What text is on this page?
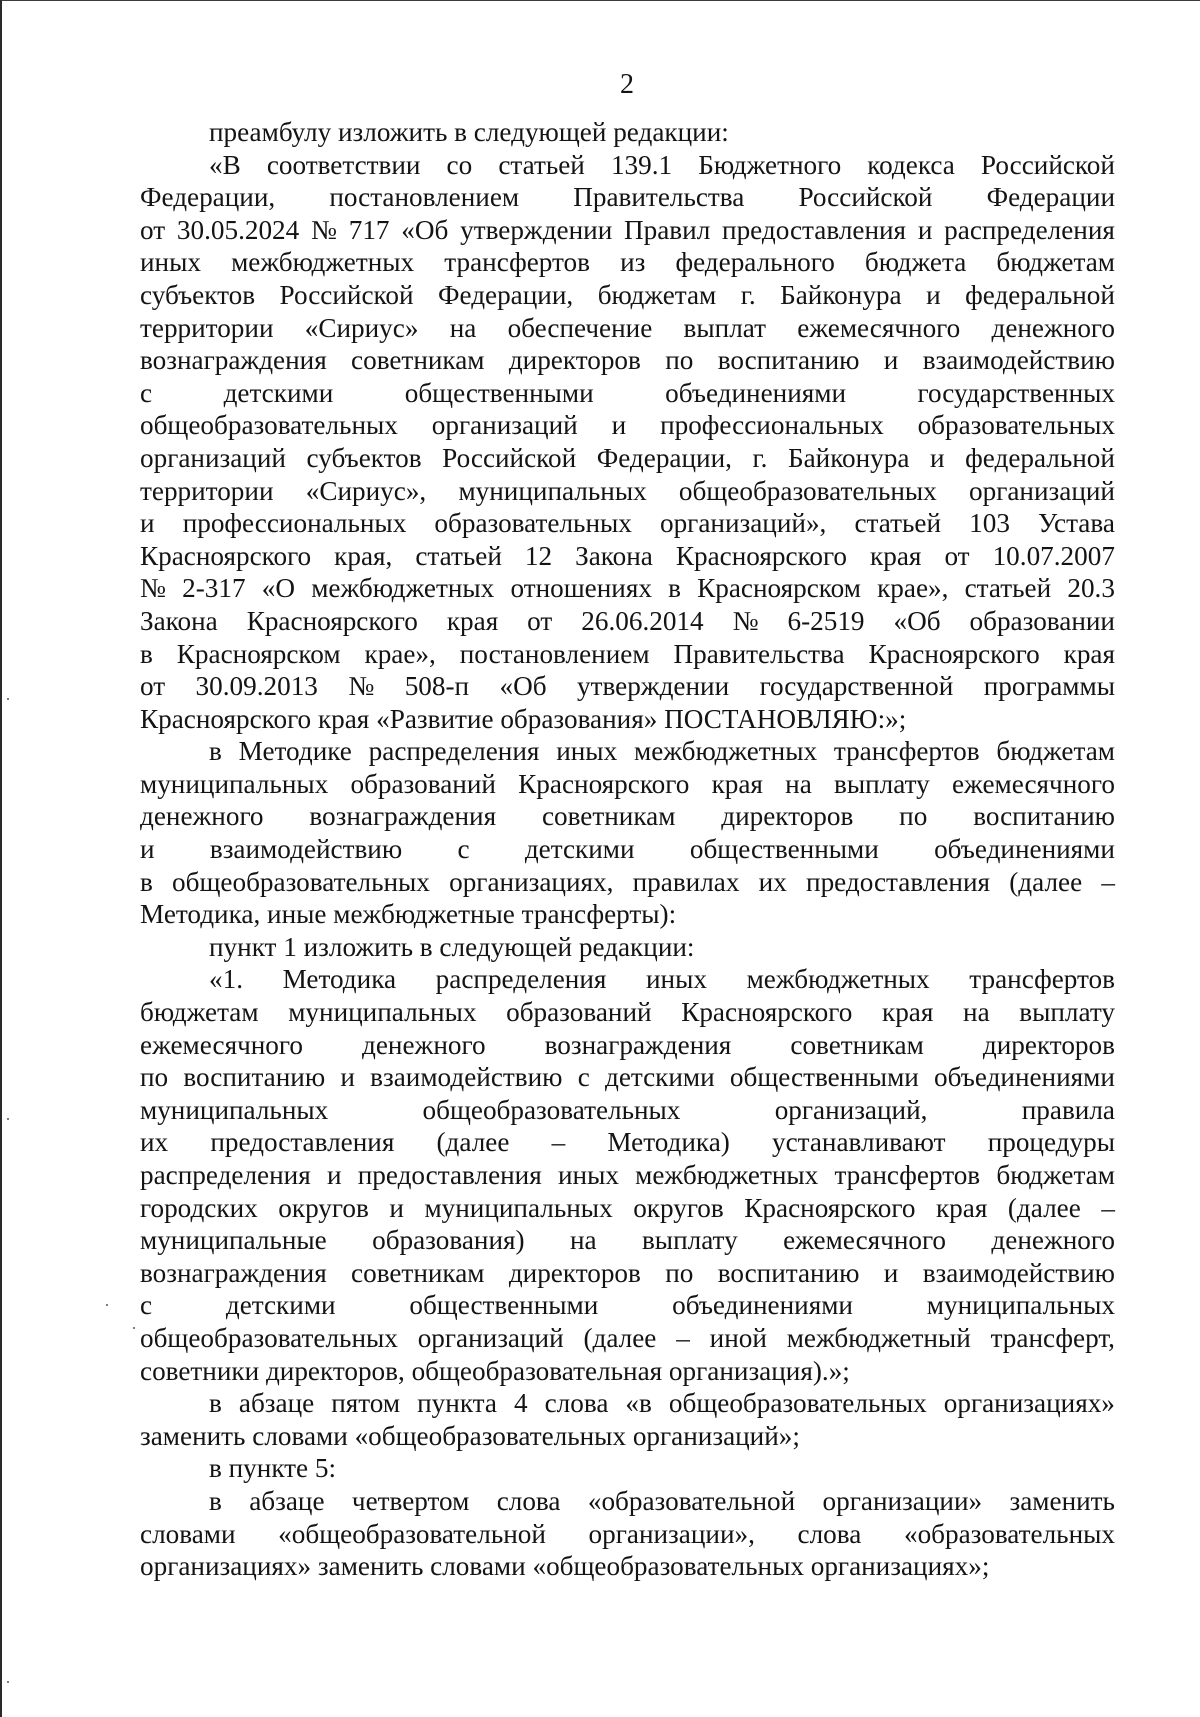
2
преамбулу изложить в следующей редакции:
«В соответствии со статьей 139.1 Бюджетного кодекса Российской
Федерации, постановлением Правительства Российской Федерации
от 30.05.2024 № 717 «Об утверждении Правил предоставления и распределения
иных межбюджетных трансфертов из федерального бюджета бюджетам
субъектов Российской Федерации, бюджетам г. Байконура и федеральной
территории «Сириус» на обеспечение выплат ежемесячного денежного
вознаграждения советникам директоров по воспитанию и взаимодействию
с	детскими	общественными	объединениями	государственных
общеобразовательных организаций и профессиональных образовательных
организаций субъектов Российской Федерации, г. Байконура и федеральной
территории «Сириус», муниципальных общеобразовательных организаций
и профессиональных образовательных организаций», статьей 103 Устава
Красноярского края, статьей 12 Закона Красноярского края от 10.07.2007
№ 2-317 «О межбюджетных отношениях в Красноярском крае», статьей 20.3
Закона Красноярского края от 26.06.2014 № 6-2519 «Об образовании
в Красноярском крае», постановлением Правительства Красноярского края
от 30.09.2013 № 508-п «Об утверждении государственной программы
Красноярского края «Развитие образования» ПОСТАНОВЛЯЮ:»;
в Методике распределения иных межбюджетных трансфертов бюджетам
муниципальных образований Красноярского края на выплату ежемесячного
денежного вознаграждения советникам директоров по воспитанию
и взаимодействию с детскими общественными объединениями
в общеобразовательных организациях, правилах их предоставления (далее –
Методика, иные межбюджетные трансферты):
пункт 1 изложить в следующей редакции:
«1. Методика распределения иных межбюджетных трансфертов
бюджетам муниципальных образований Красноярского края на выплату
ежемесячного денежного вознаграждения советникам директоров
по воспитанию и взаимодействию с детскими общественными объединениями
муниципальных	общеобразовательных	организаций,	правила
их предоставления (далее – Методика) устанавливают процедуры
распределения и предоставления иных межбюджетных трансфертов бюджетам
городских округов и муниципальных округов Красноярского края (далее –
муниципальные образования) на выплату ежемесячного денежного
вознаграждения советникам директоров по воспитанию и взаимодействию
с	детскими	общественными	объединениями	муниципальных
общеобразовательных организаций (далее – иной межбюджетный трансферт,
советники директоров, общеобразовательная организация).»;
в абзаце пятом пункта 4 слова «в общеобразовательных организациях»
заменить словами «общеобразовательных организаций»;
в пункте 5:
в абзаце четвертом слова «образовательной организации» заменить
словами «общеобразовательной организации», слова «образовательных
организациях» заменить словами «общеобразовательных организациях»;
